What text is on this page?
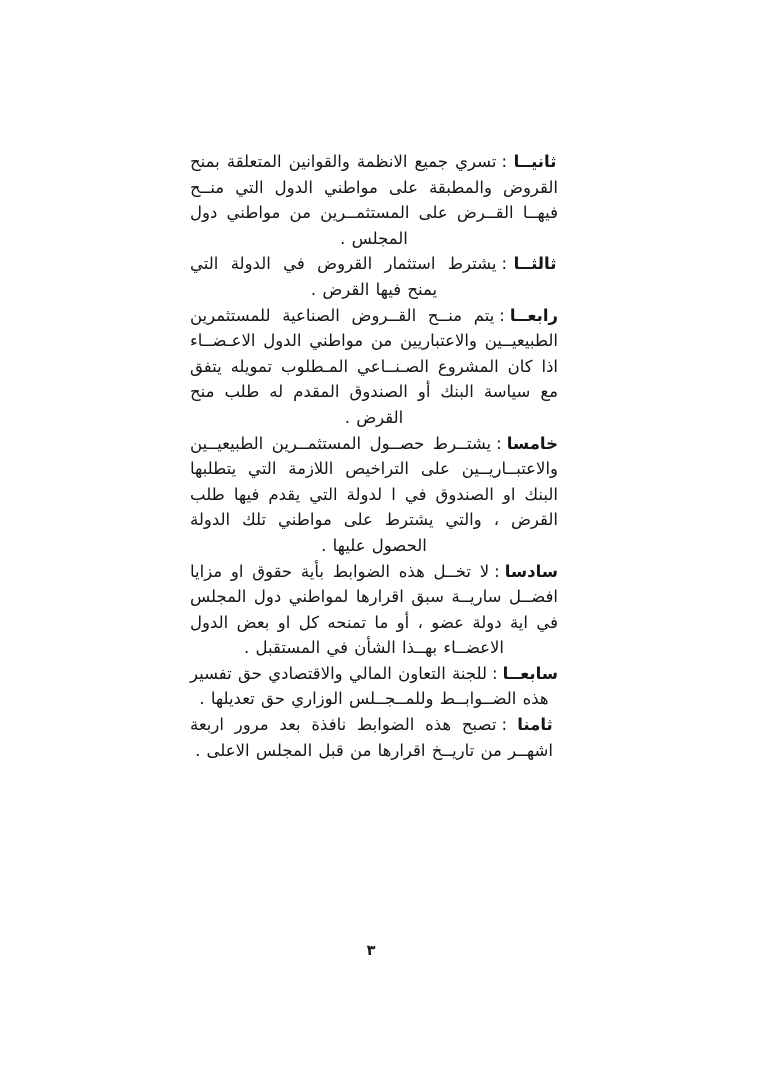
ثانيــا:تسري جميع الانظمة والقوانين المتعلقة بمنح القروض والمطبقة على مواطني الدول التي منــح فيهــا القــرض على المستثمــرين من مواطني دول المجلس .

ثالثــا:يشترط استثمار القروض في الدولة التي يمنح فيها القرض .

رابعــا:يتم منــح القــروض الصناعية للمستثمرين الطبيعيــين والاعتباريين من مواطني الدول الاعـضــاء اذا كان المشروع الصـنــاعي المـطلوب تمويله يتفق مع سياسة البنك أو الصندوق المقدم له طلب منح القرض .

خامسا:يشتــرط حصــول المستثمــرين الطبيعيــين والاعتبــاريــين على التراخيص اللازمة التي يتطلبها البنك او الصندوق في ا لدولة التي يقدم فيها طلب القرض ، والتي يشترط على مواطني تلك الدولة الحصول عليها .

سادسا:لا تخــل هذه الضوابط بأية حقوق او مزايا افضــل ساريــة سبق اقرارها لمواطني دول المجلس في اية دولة عضو ، أو ما تمنحه كل او بعض الدول الاعضــاء بهــذا الشأن في المستقبل .

سابعــا:للجنة التعاون المالي والاقتصادي حق تفسير هذه الضــوابــط وللمــجــلس الوزاري حق تعديلها .

ثامنا:تصبح هذه الضوابط نافذة بعد مرور اربعة اشهــر من تاريــخ اقرارها من قبل المجلس الاعلى .

٣
